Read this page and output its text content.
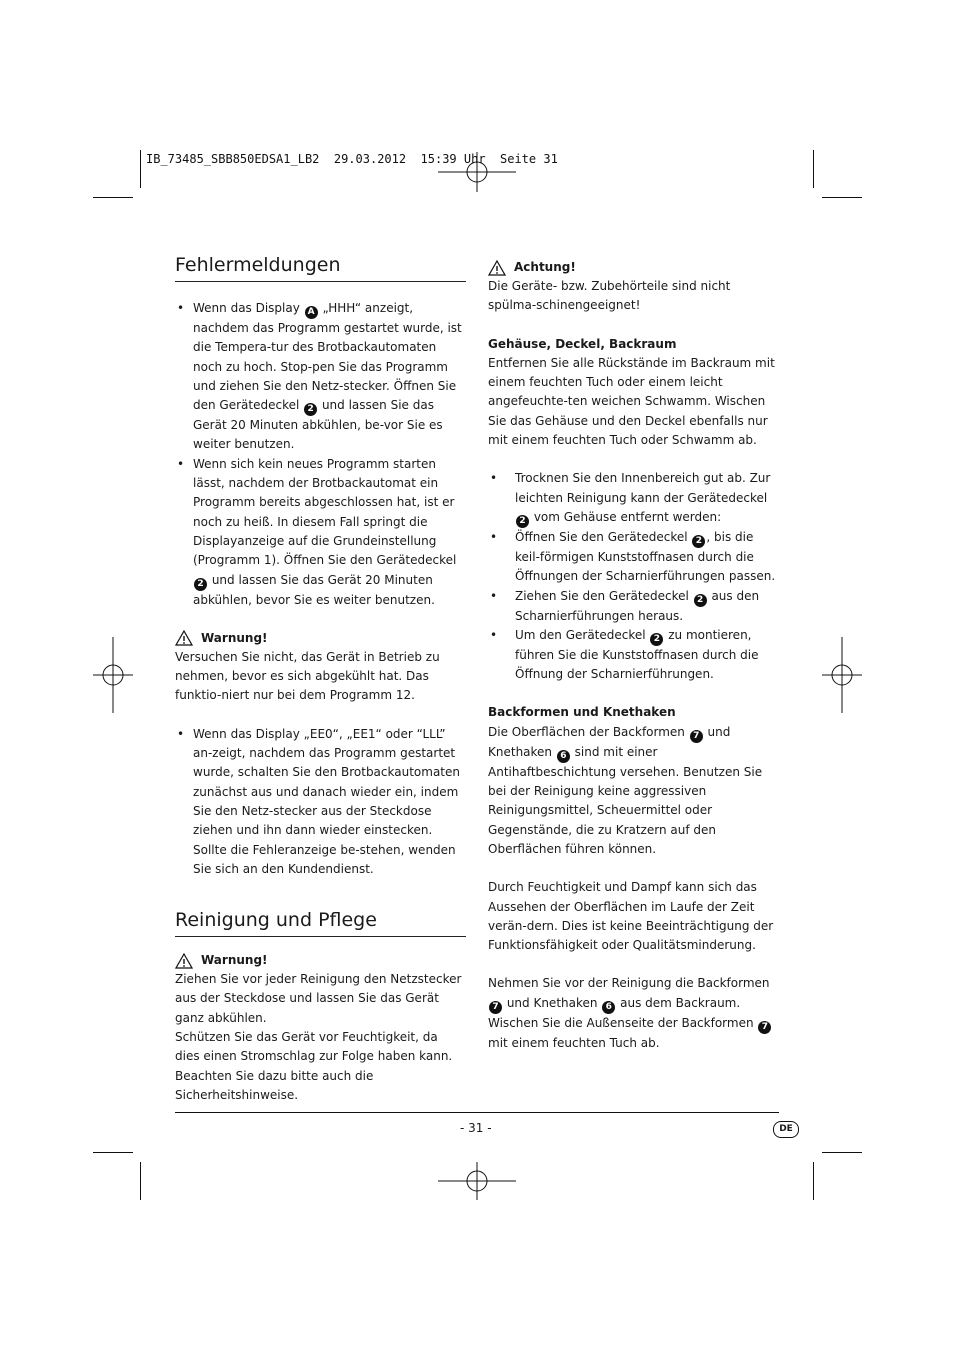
IB_73485_SBB850EDSA1_LB2  29.03.2012  15:39 Uhr  Seite 31
Fehlermeldungen
• Wenn das Display A „HHH“ anzeigt, nachdem das Programm gestartet wurde, ist die Tempera-tur des Brotbackautomaten noch zu hoch. Stop-pen Sie das Programm und ziehen Sie den Netz-stecker. Öffnen Sie den Gerätedeckel 2 und lassen Sie das Gerät 20 Minuten abkühlen, be-vor Sie es weiter benutzen.
• Wenn sich kein neues Programm starten lässt, nachdem der Brotbackautomat ein Programm bereits abgeschlossen hat, ist er noch zu heiß. In diesem Fall springt die Displayanzeige auf die Grundeinstellung (Programm 1). Öffnen Sie den Gerätedeckel 2 und lassen Sie das Gerät 20 Minuten abkühlen, bevor Sie es weiter benutzen.
Warnung!

Versuchen Sie nicht, das Gerät in Betrieb zu nehmen, bevor es sich abgekühlt hat. Das funktio-niert nur bei dem Programm 12.

• Wenn das Display „EE0“, „EE1“ oder “LLL” an-zeigt, nachdem das Programm gestartet wurde, schalten Sie den Brotbackautomaten zunächst aus und danach wieder ein, indem Sie den Netz-stecker aus der Steckdose ziehen und ihn dann wieder einstecken. Sollte die Fehleranzeige be-stehen, wenden Sie sich an den Kundendienst.
Reinigung und Pflege
Warnung!

Ziehen Sie vor jeder Reinigung den Netzstecker aus der Steckdose und lassen Sie das Gerät ganz abkühlen.

Schützen Sie das Gerät vor Feuchtigkeit, da dies einen Stromschlag zur Folge haben kann. Beachten Sie dazu bitte auch die Sicherheitshinweise.

Achtung!

Die Geräte- bzw. Zubehörteile sind nicht spülma-schinengeeignet!

Gehäuse, Deckel, Backraum

Entfernen Sie alle Rückstände im Backraum mit einem feuchten Tuch oder einem leicht angefeuchte-ten weichen Schwamm. Wischen Sie das Gehäuse und den Deckel ebenfalls nur mit einem feuchten Tuch oder Schwamm ab.

• Trocknen Sie den Innenbereich gut ab. Zur leichten Reinigung kann der Gerätedeckel 2 vom Gehäuse entfernt werden:
• Öffnen Sie den Gerätedeckel 2 , bis die keil-förmigen Kunststoffnasen durch die Öffnungen der Scharnierführungen passen.
• Ziehen Sie den Gerätedeckel 2 aus den Scharnierführungen heraus.
• Um den Gerätedeckel 2 zu montieren, führen Sie die Kunststoffnasen durch die Öffnung der Scharnierführungen.

Backformen und Knethaken

Die Oberflächen der Backformen 7 und Knethaken 6 sind mit einer Antihaftbeschichtung versehen. Benutzen Sie bei der Reinigung keine aggressiven Reinigungsmittel, Scheuermittel oder Gegenstände, die zu Kratzern auf den Oberflächen führen können.

Durch Feuchtigkeit und Dampf kann sich das Aussehen der Oberflächen im Laufe der Zeit verän-dern. Dies ist keine Beeinträchtigung der Funktionsfähigkeit oder Qualitätsminderung.

Nehmen Sie vor der Reinigung die Backformen 7 und Knethaken 6 aus dem Backraum. Wischen Sie die Außenseite der Backformen 7 mit einem feuchten Tuch ab.

- 31 -	DE
